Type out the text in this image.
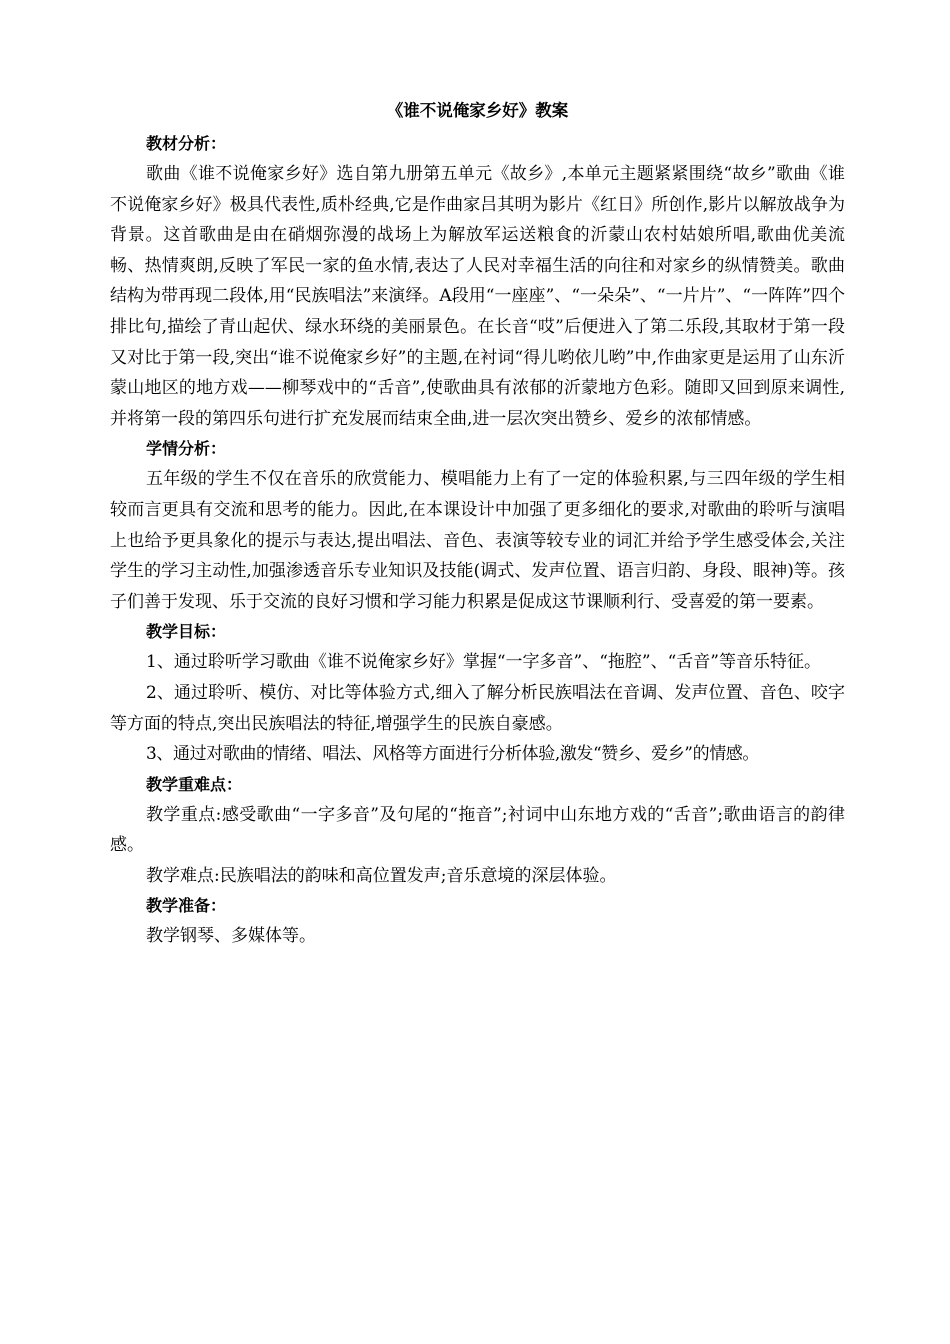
《谁不说俺家乡好》教案
教材分析：

歌曲《谁不说俺家乡好》选自第九册第五单元《故乡》,本单元主题紧紧围绕“故乡”歌曲《谁不说俺家乡好》极具代表性,质朴经典,它是作曲家吕其明为影片《红日》所创作,影片以解放战争为背景。这首歌曲是由在硝烟弥漫的战场上为解放军运送粮食的沂蒙山农村姑娘所唱,歌曲优美流畅、热情爽朗,反映了军民一家的鱼水情,表达了人民对幸福生活的向往和对家乡的纵情赞美。歌曲结构为带再现二段体,用“民族唱法”来演绎。A段用“一座座”、“一朵朵”、“一片片”、“一阵阵”四个排比句,描绘了青山起伏、绿水环绕的美丽景色。在长音“哎”后便进入了第二乐段,其取材于第一段又对比于第一段,突出“谁不说俺家乡好”的主题,在衬词“得儿哟依儿哟”中,作曲家更是运用了山东沂蒙山地区的地方戏——柳琴戏中的“舌音”,使歌曲具有浓郁的沂蒙地方色彩。随即又回到原来调性,并将第一段的第四乐句进行扩充发展而结束全曲,进一层次突出赞乡、爱乡的浓郁情感。

学情分析：

五年级的学生不仅在音乐的欣赏能力、模唱能力上有了一定的体验积累,与三四年级的学生相较而言更具有交流和思考的能力。因此,在本课设计中加强了更多细化的要求,对歌曲的聆听与演唱上也给予更具象化的提示与表达,提出唱法、音色、表演等较专业的词汇并给予学生感受体会,关注学生的学习主动性,加强渗透音乐专业知识及技能(调式、发声位置、语言归韵、身段、眼神)等。孩子们善于发现、乐于交流的良好习惯和学习能力积累是促成这节课顺利行、受喜爱的第一要素。

教学目标：

1、通过聆听学习歌曲《谁不说俺家乡好》掌握“一字多音”、“拖腔”、“舌音”等音乐特征。

2、通过聆听、模仿、对比等体验方式,细入了解分析民族唱法在音调、发声位置、音色、咬字等方面的特点,突出民族唱法的特征,增强学生的民族自豪感。

3、通过对歌曲的情绪、唱法、风格等方面进行分析体验,激发“赞乡、爱乡”的情感。

教学重难点：

教学重点:感受歌曲“一字多音”及句尾的“拖音”;衬词中山东地方戏的“舌音”;歌曲语言的韵律感。

教学难点:民族唱法的韵味和高位置发声;音乐意境的深层体验。

教学准备：

教学钢琴、多媒体等。
